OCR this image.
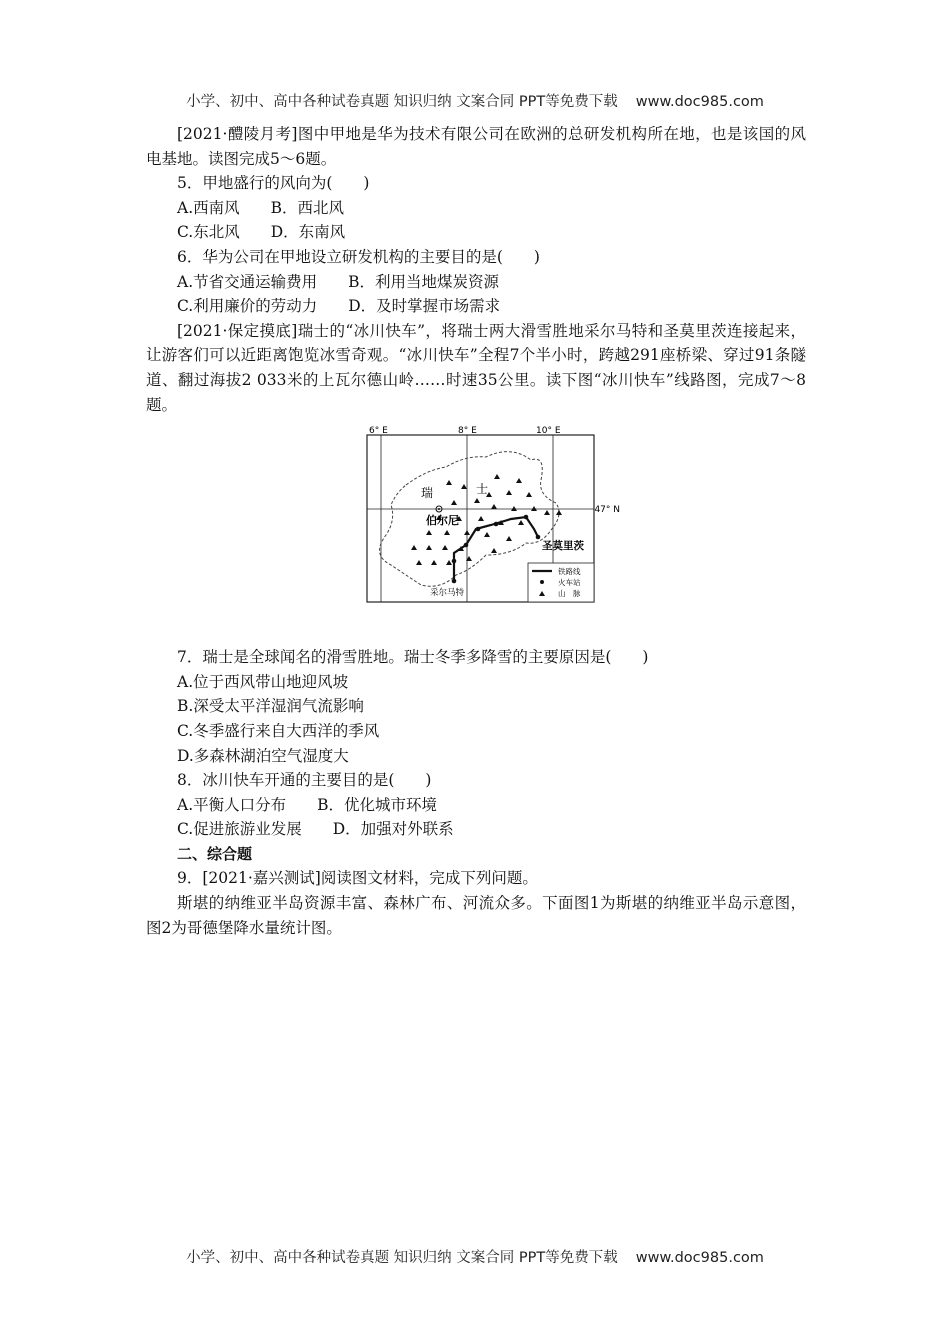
小学、初中、高中各种试卷真题 知识归纳 文案合同 PPT等免费下载 www.doc985.com

[2021·醴陵月考]图中甲地是华为技术有限公司在欧洲的总研发机构所在地，也是该国的风电基地。读图完成5～6题。

5．甲地盛行的风向为(　　)

A.西南风　　B．西北风

C.东北风　　D．东南风

6．华为公司在甲地设立研发机构的主要目的是(　　)

A.节省交通运输费用　　B．利用当地煤炭资源

C.利用廉价的劳动力　　D．及时掌握市场需求

[2021·保定摸底]瑞士的“冰川快车”，将瑞士两大滑雪胜地采尔马特和圣莫里茨连接起来，让游客们可以近距离饱览冰雪奇观。“冰川快车”全程7个半小时，跨越291座桥梁、穿过91条隧道、翻过海拔2 033米的上瓦尔德山岭……时速35公里。读下图“冰川快车”线路图，完成7～8题。

6° E	8° E	10° E
47° N
瑞	士
伯尔尼
圣莫里茨
采尔马特
铁路线
火车站
山　脉

7．瑞士是全球闻名的滑雪胜地。瑞士冬季多降雪的主要原因是(　　)

A.位于西风带山地迎风坡

B.深受太平洋湿润气流影响

C.冬季盛行来自大西洋的季风

D.多森林湖泊空气湿度大

8．冰川快车开通的主要目的是(　　)

A.平衡人口分布　　B．优化城市环境

C.促进旅游业发展　　D．加强对外联系

二、综合题

9．[2021·嘉兴测试]阅读图文材料，完成下列问题。

斯堪的纳维亚半岛资源丰富、森林广布、河流众多。下面图1为斯堪的纳维亚半岛示意图，图2为哥德堡降水量统计图。

小学、初中、高中各种试卷真题 知识归纳 文案合同 PPT等免费下载 www.doc985.com
